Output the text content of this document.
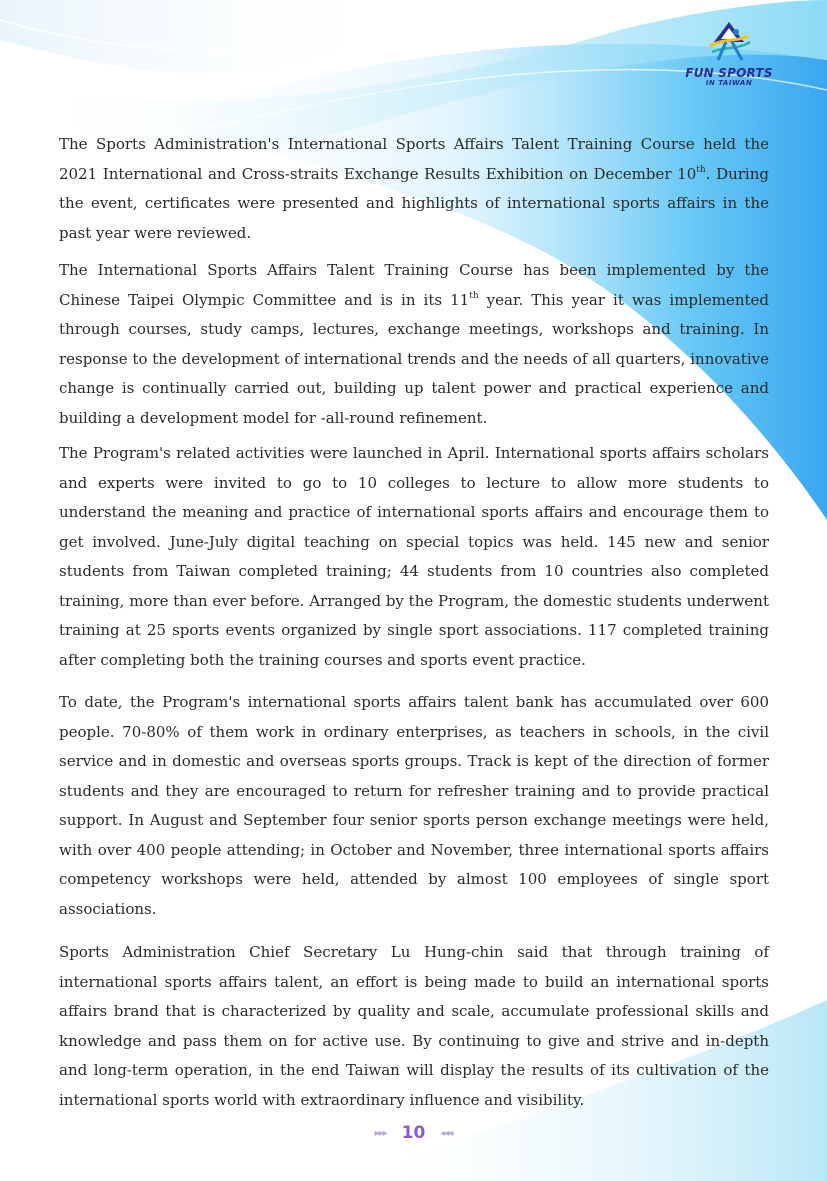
FUN SPORTS
IN TAIWAN

The Sports Administration's International Sports Affairs Talent Training Course held the 2021 International and Cross-straits Exchange Results Exhibition on December 10th. During the event, certificates were presented and highlights of international sports affairs in the past year were reviewed.

The International Sports Affairs Talent Training Course has been implemented by the Chinese Taipei Olympic Committee and is in its 11th year. This year it was implemented through courses, study camps, lectures, exchange meetings, workshops and training. In response to the development of international trends and the needs of all quarters, innovative change is continually carried out, building up talent power and practical experience and building a development model for -all-round refinement.

The Program's related activities were launched in April. International sports affairs scholars and experts were invited to go to 10 colleges to lecture to allow more students to understand the meaning and practice of international sports affairs and encourage them to get involved. June-July digital teaching on special topics was held. 145 new and senior students from Taiwan completed training; 44 students from 10 countries also completed training, more than ever before. Arranged by the Program, the domestic students underwent training at 25 sports events organized by single sport associations. 117 completed training after completing both the training courses and sports event practice.

To date, the Program's international sports affairs talent bank has accumulated over 600 people. 70-80% of them work in ordinary enterprises, as teachers in schools, in the civil service and in domestic and overseas sports groups. Track is kept of the direction of former students and they are encouraged to return for refresher training and to provide practical support. In August and September four senior sports person exchange meetings were held, with over 400 people attending; in October and November, three international sports affairs competency workshops were held, attended by almost 100 employees of single sport associations.

Sports Administration Chief Secretary Lu Hung-chin said that through training of international sports affairs talent, an effort is being made to build an international sports affairs brand that is characterized by quality and scale, accumulate professional skills and knowledge and pass them on for active use. By continuing to give and strive and in-depth and long-term operation, in the end Taiwan will display the results of its cultivation of the international sports world with extraordinary influence and visibility.

▸▸▸ 10 ◂◂◂
